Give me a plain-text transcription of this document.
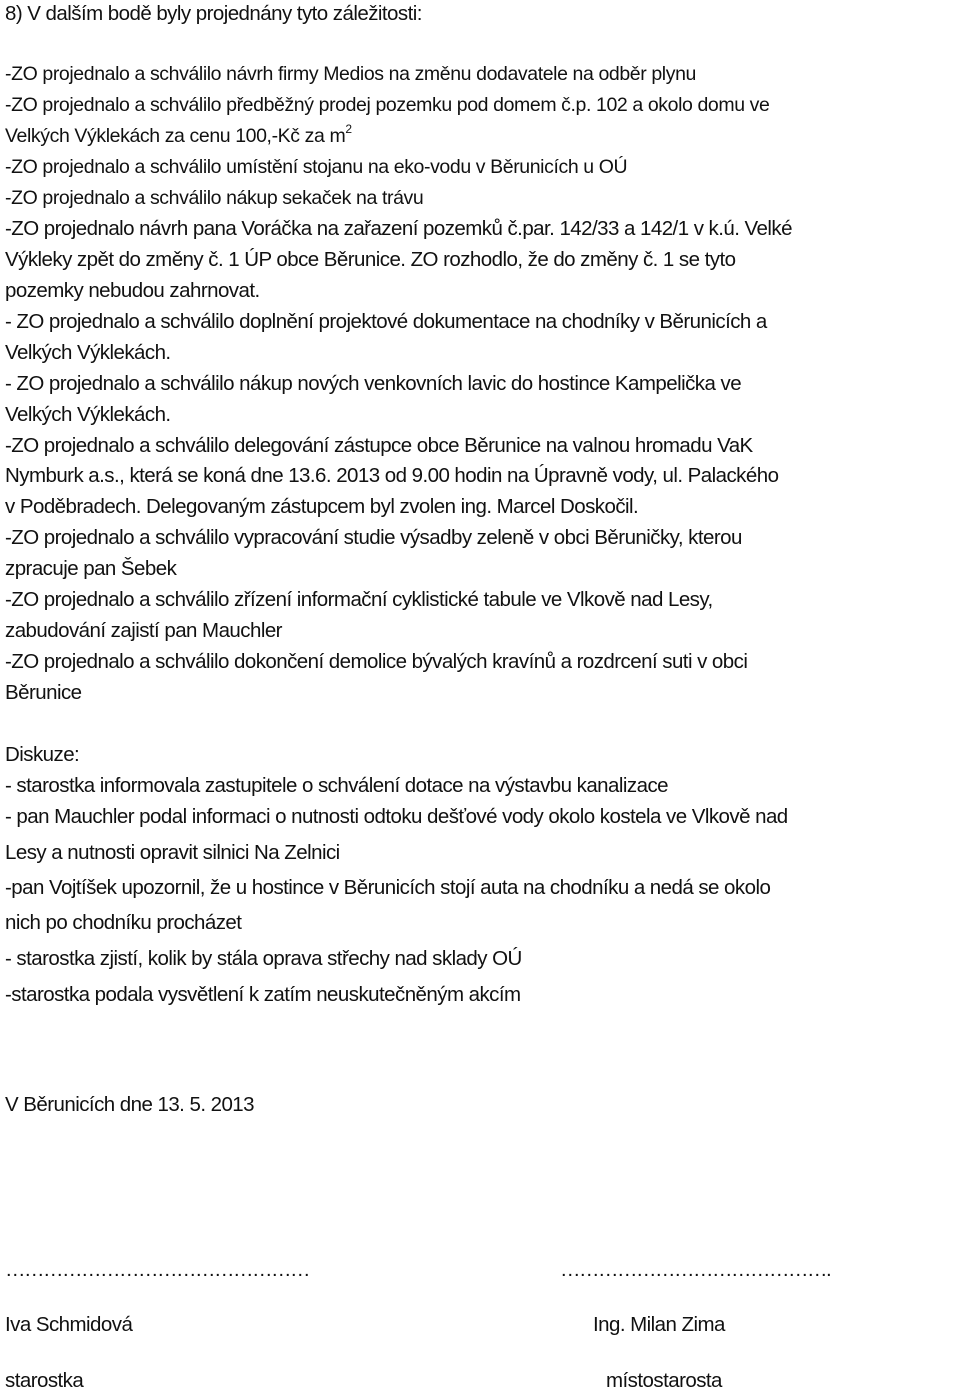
8) V dalším bodě byly projednány tyto záležitosti:
-ZO projednalo a schválilo návrh firmy Medios na změnu dodavatele na odběr plynu
-ZO projednalo a schválilo předběžný prodej pozemku pod domem č.p. 102 a okolo domu ve
Velkých Výklekách za cenu 100,-Kč za $m^2$
-ZO projednalo a schválilo umístění stojanu na eko-vodu v Běrunicích u OÚ
-ZO projednalo a schválilo nákup sekaček na trávu
-ZO projednalo návrh pana Voráčka na zařazení pozemků č.par. 142/33 a 142/1 v k.ú. Velké
Výkleky zpět do změny č. 1 ÚP obce Běrunice. ZO rozhodlo, že do změny č. 1 se tyto
pozemky nebudou zahrnovat.
- ZO projednalo a schválilo doplnění projektové dokumentace na chodníky v Běrunicích a
Velkých Výklekách.
- ZO projednalo a schválilo nákup nových venkovních lavic do hostince Kampelička ve
Velkých Výklekách.
-ZO projednalo a schválilo delegování zástupce obce Běrunice na valnou hromadu VaK
Nymburk a.s., která se koná dne 13.6. 2013 od 9.00 hodin na Úpravně vody, ul. Palackého
v Poděbradech. Delegovaným zástupcem byl zvolen ing. Marcel Doskočil.
-ZO projednalo a schválilo vypracování studie výsadby zeleně v obci Běruničky, kterou
zpracuje pan Šebek
-ZO projednalo a schválilo zřízení informační cyklistické tabule ve Vlkově nad Lesy,
zabudování zajistí pan Mauchler
-ZO projednalo a schválilo dokončení demolice bývalých kravínů a rozdrcení suti v obci
Běrunice
Diskuze:
- starostka informovala zastupitele o schválení dotace na výstavbu kanalizace
- pan Mauchler podal informaci o nutnosti odtoku dešťové vody okolo kostela ve Vlkově nad
Lesy a nutnosti opravit silnici Na Zelnici
-pan Vojtíšek upozornil, že u hostince v Běrunicích stojí auta na chodníku a nedá se okolo
nich po chodníku procházet
- starostka zjistí, kolik by stála oprava střechy nad sklady OÚ
-starostka podala vysvětlení k zatím neuskutečněným akcím
V Běrunicích dne 13. 5. 2013
…………………………………………	…………………………………….
Iva Schmidová	Ing. Milan Zima
starostka	místostarosta
